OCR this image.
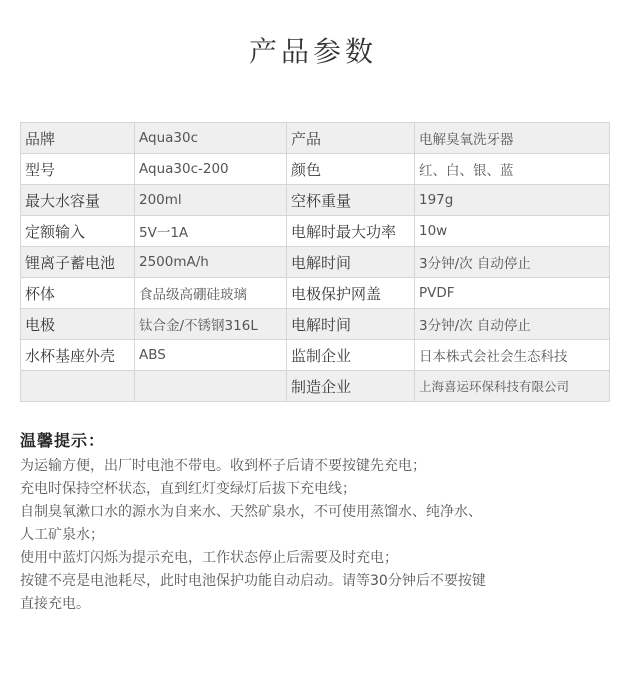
产品参数
品牌	Aqua30c	产品	电解臭氧洗牙器
型号	Aqua30c-200	颜色	红、白、银、蓝
最大水容量	200ml	空杯重量	197g
定额输入	5V一1A	电解时最大功率	10w
锂离子蓄电池	2500mA/h	电解时间	3分钟/次 自动停止
杯体	食品级高硼硅玻璃	电极保护网盖	PVDF
电极	钛合金/不锈钢316L	电解时间	3分钟/次 自动停止
水杯基座外壳	ABS	监制企业	日本株式会社会生态科技
		制造企业	上海喜运环保科技有限公司
温馨提示：
为运输方便，出厂时电池不带电。收到杯子后请不要按键先充电；
充电时保持空杯状态，直到红灯变绿灯后拔下充电线；
自制臭氧漱口水的源水为自来水、天然矿泉水，不可使用蒸馏水、纯净水、
人工矿泉水；
使用中蓝灯闪烁为提示充电，工作状态停止后需要及时充电；
按键不亮是电池耗尽，此时电池保护功能自动启动。请等30分钟后不要按键
直接充电。
